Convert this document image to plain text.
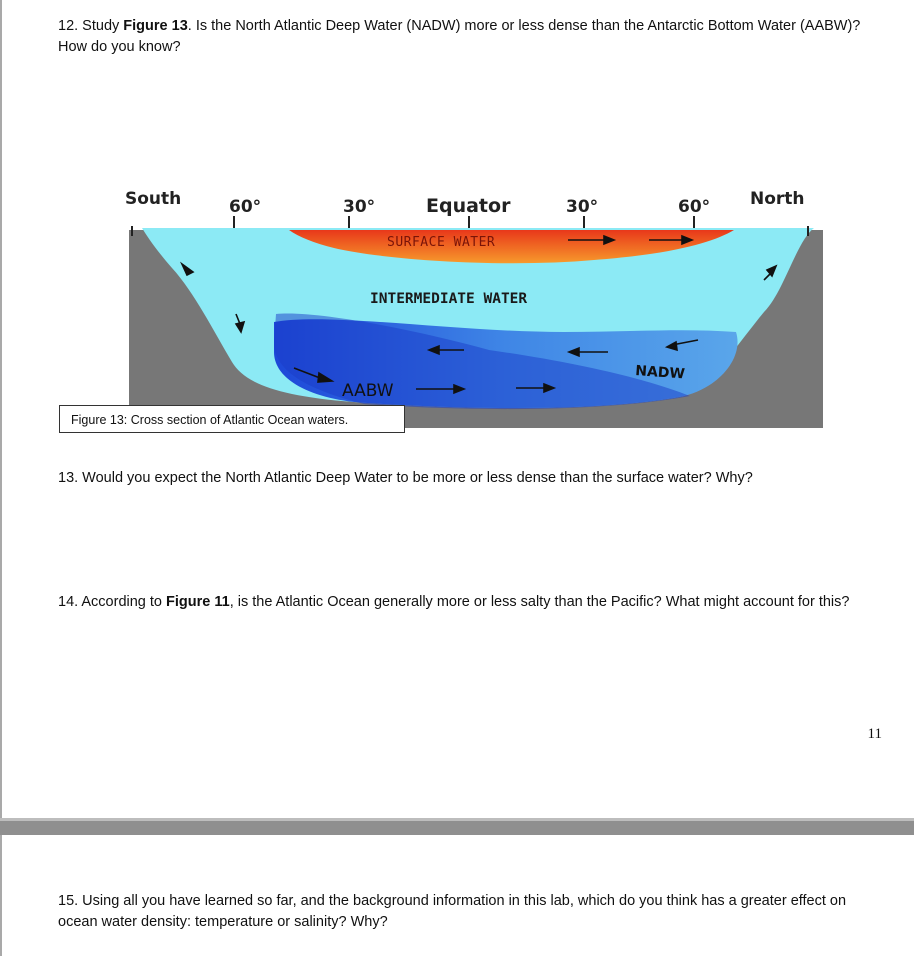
12. Study Figure 13. Is the North Atlantic Deep Water (NADW) more or less dense than the Antarctic Bottom Water (AABW)? How do you know?

South	60°	30°	Equator	30°	60° North
SURFACE WATER
INTERMEDIATE WATER
AABW
NADW
Figure 13: Cross section of Atlantic Ocean waters.

13. Would you expect the North Atlantic Deep Water to be more or less dense than the surface water? Why?

14. According to Figure 11, is the Atlantic Ocean generally more or less salty than the Pacific? What might account for this?

11

15. Using all you have learned so far, and the background information in this lab, which do you think has a greater effect on ocean water density: temperature or salinity? Why?
